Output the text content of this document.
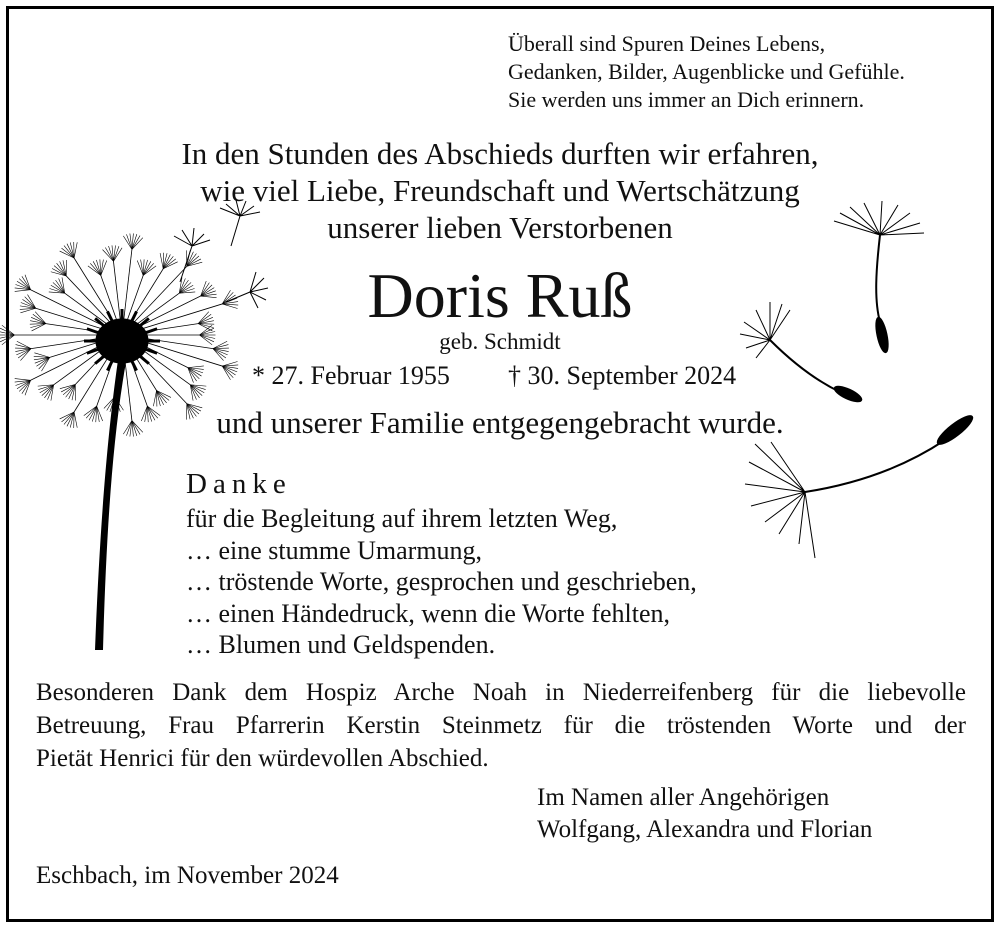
Überall sind Spuren Deines Lebens,
Gedanken, Bilder, Augenblicke und Gefühle.
Sie werden uns immer an Dich erinnern.
In den Stunden des Abschieds durften wir erfahren,
wie viel Liebe, Freundschaft und Wertschätzung
unserer lieben Verstorbenen
Doris Ruß
geb. Schmidt
* 27. Februar 1955 † 30. September 2024
und unserer Familie entgegengebracht wurde.
Danke
für die Begleitung auf ihrem letzten Weg,
… eine stumme Umarmung,
… tröstende Worte, gesprochen und geschrieben,
… einen Händedruck, wenn die Worte fehlten,
… Blumen und Geldspenden.
Besonderen Dank dem Hospiz Arche Noah in Niederreifenberg für die liebevolle
Betreuung, Frau Pfarrerin Kerstin Steinmetz für die tröstenden Worte und der
Pietät Henrici für den würdevollen Abschied.
Im Namen aller Angehörigen
Wolfgang, Alexandra und Florian
Eschbach, im November 2024
